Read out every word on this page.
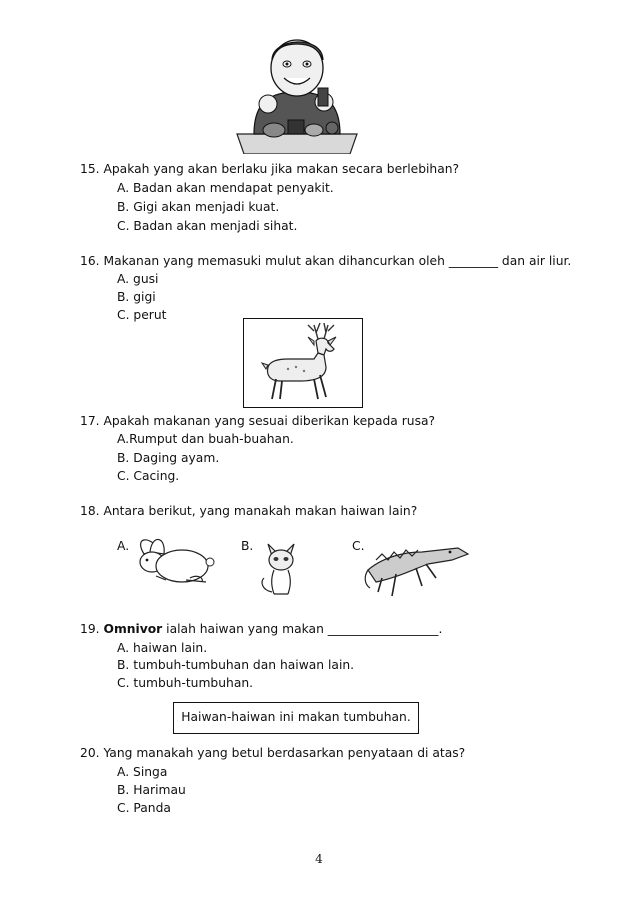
15. Apakah yang akan berlaku jika makan secara berlebihan?
A. Badan akan mendapat penyakit.
B. Gigi akan menjadi kuat.
C. Badan akan menjadi sihat.
16. Makanan yang memasuki mulut akan dihancurkan oleh ________ dan air liur.
A. gusi
B. gigi
C. perut
17. Apakah makanan yang sesuai diberikan kepada rusa?
A.Rumput dan buah-buahan.
B. Daging ayam.
C. Cacing.
18. Antara berikut, yang manakah makan haiwan lain?
A.	B.	C.
19. Omnivor ialah haiwan yang makan __________________.
A. haiwan lain.
B. tumbuh-tumbuhan dan haiwan lain.
C. tumbuh-tumbuhan.
Haiwan-haiwan ini makan tumbuhan.
20. Yang manakah yang betul berdasarkan penyataan di atas?
A. Singa
B. Harimau
C. Panda
4
